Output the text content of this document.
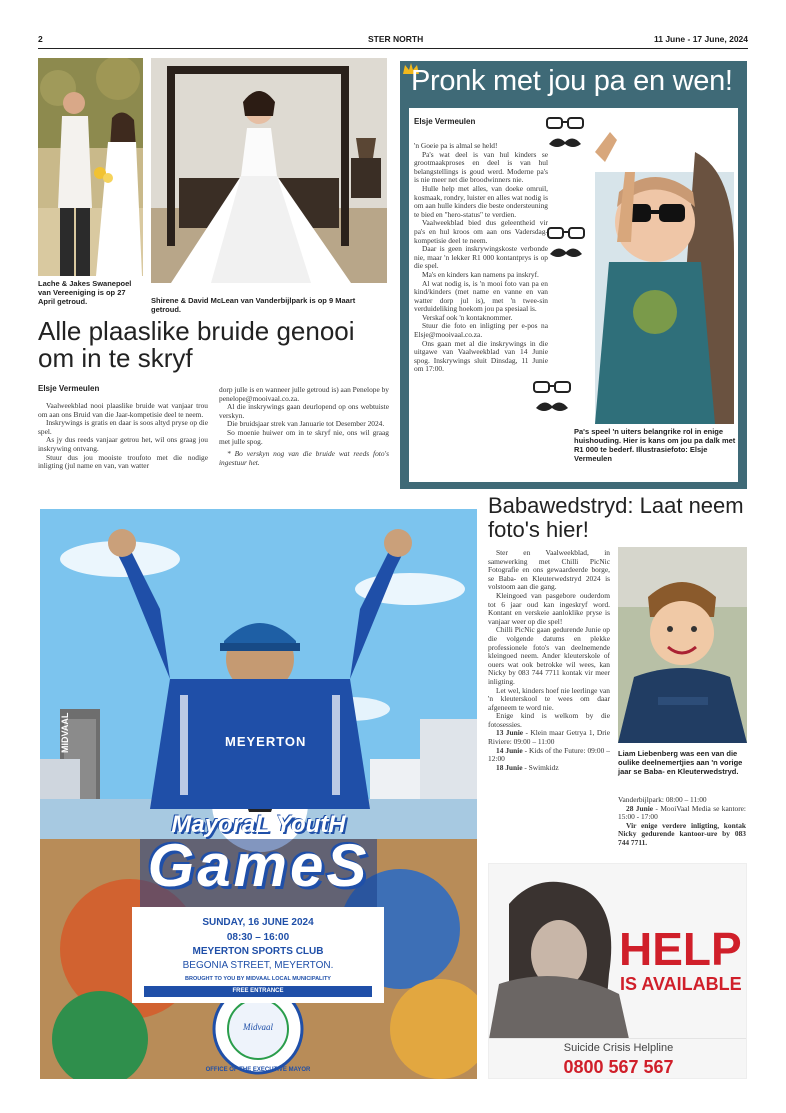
2	STER NORTH	11 June - 17 June, 2024
Lache & Jakes Swanepoel van Vereeniging is op 27 April getroud.	Shirene & David McLean van Vanderbijlpark is op 9 Maart getroud.
Alle plaaslike bruide genooi om in te skryf
Elsje Vermeulen

Vaalweekblad nooi plaaslike bruide wat vanjaar trou om aan ons Bruid van die Jaar-kompetisie deel te neem.

Inskrywings is gratis en daar is soos altyd pryse op die spel.

As jy dus reeds vanjaar getrou het, wil ons graag jou inskrywing ontvang.

Stuur dus jou mooiste troufoto met die nodige inligting (jul name en van, van watter

dorp julle is en wanneer julle getroud is) aan Penelope by penelope@mooivaal.co.za.

Al die inskrywings gaan deurlopend op ons webtuiste verskyn.

Die bruidsjaar strek van Januarie tot Desember 2024.

So moenie huiwer om in te skryf nie, ons wil graag met julle spog.

* Bo verskyn nog van die bruide wat reeds foto's ingestuur het.

Pronk met jou pa en wen!
Elsje Vermeulen

'n Goeie pa is almal se held!

Pa's wat deel is van hul kinders se grootmaakproses en deel is van hul belangstellings is goud werd. Moderne pa's is nie meer net die broodwinners nie.

Hulle help met alles, van doeke omruil, kosmaak, rondry, luister en alles wat nodig is om aan hulle kinders die beste ondersteuning te bied en "hero-status" te verdien.

Vaalweekblad bied dus geleentheid vir pa's en hul kroos om aan ons Vadersdag-kompetisie deel te neem.

Daar is geen inskrywingskoste verbonde nie, maar 'n lekker R1 000 kontantprys is op die spel.

Ma's en kinders kan namens pa inskryf.

Al wat nodig is, is 'n mooi foto van pa en kind/kinders (met name en vanne en van watter dorp jul is), met 'n twee-sin verduideliking hoekom jou pa spesiaal is.

Verskaf ook 'n kontaknommer.

Stuur die foto en inligting per e-pos na Elsje@mooivaal.co.za.

Ons gaan met al die inskrywings in die uitgawe van Vaalweekblad van 14 Junie spog. Inskrywings sluit Dinsdag, 11 Junie om 17:00.

Pa's speel 'n uiters belangrike rol in enige huishouding. Hier is kans om jou pa dalk met R1 000 te bederf. Illustrasiefoto: Elsje Vermeulen
Babawedstryd: Laat neem foto's hier!

Ster en Vaalweekblad, in samewerking met Chilli PicNic Fotografie en ons gewaardeerde borge, se Baba- en Kleuterwedstryd 2024 is volstoom aan die gang.

Kleingoed van pasgebore ouderdom tot 6 jaar oud kan ingeskryf word. Kontant en verskeie aanloklike pryse is vanjaar weer op die spel!

Chilli PicNic gaan gedurende Junie op die volgende datums en plekke professionele foto's van deelnemende kleingoed neem. Ander kleuterskole of ouers wat ook betrokke wil wees, kan Nicky by 083 744 7711 kontak vir meer inligting.

Let wel, kinders hoef nie leerlinge van 'n kleuterskool te wees om daar afgeneem te word nie.

Enige kind is welkom by die fotosessies.

13 Junie - Klein maar Getrya 1, Drie Riviere: 09:00 – 11:00

14 Junie - Kids of the Future: 09:00 – 12:00

18 Junie - Swimkidz

Liam Liebenberg was een van die oulike deelnemertjies aan 'n vorige jaar se Baba- en Kleuterwedstryd.

Vanderbijlpark: 08:00 – 11:00

28 Junie - MooiVaal Media se kantore: 15:00 - 17:00

Vir enige verdere inligting, kontak Nicky gedurende kantoor-ure by 083 744 7711.

MEYERTON
MIDVAAL
MayoraL YoutH
GameS
SUNDAY, 16 JUNE 2024
08:30 – 16:00
MEYERTON SPORTS CLUB
BEGONIA STREET, MEYERTON.
BROUGHT TO YOU BY MIDVAAL LOCAL MUNICIPALITY
FREE ENTRANCE
OFFICE OF THE EXECUTIVE MAYOR
Midvaal
HELP
IS AVAILABLE
Suicide Crisis Helpline
0800 567 567
